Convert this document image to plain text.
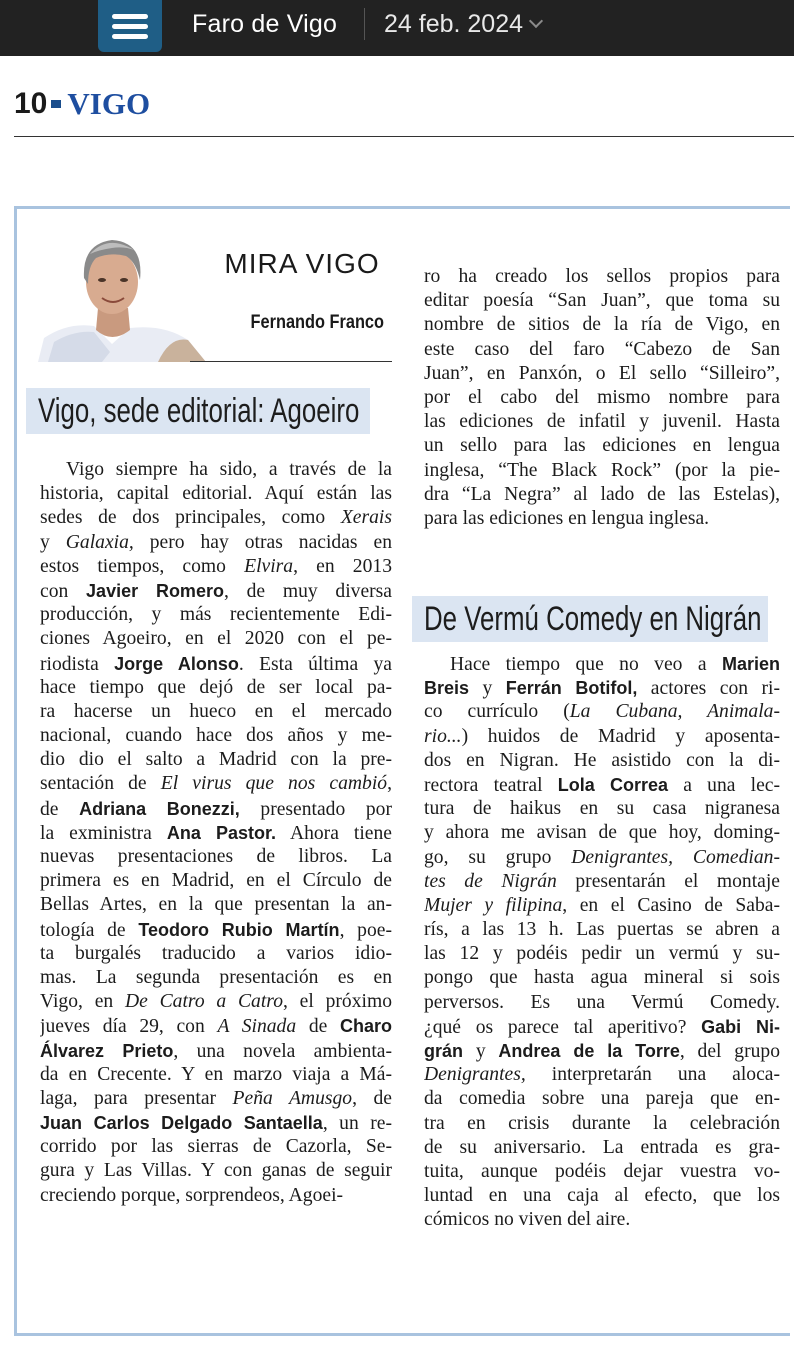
Faro de Vigo 24 feb. 2024
10 VIGO
MIRA VIGO
Fernando Franco
Vigo, sede editorial: Agoeiro
De Vermú Comedy en Nigrán
Vigo siempre ha sido, a través de la
historia, capital editorial. Aquí están las
sedes de dos principales, como Xerais
y Galaxia, pero hay otras nacidas en
estos tiempos, como Elvira, en 2013
con Javier Romero, de muy diversa
producción, y más recientemente Edi-
ciones Agoeiro, en el 2020 con el pe-
riodista Jorge Alonso. Esta última ya
hace tiempo que dejó de ser local pa-
ra hacerse un hueco en el mercado
nacional, cuando hace dos años y me-
dio dio el salto a Madrid con la pre-
sentación de El virus que nos cambió,
de Adriana Bonezzi, presentado por
la exministra Ana Pastor. Ahora tiene
nuevas presentaciones de libros. La
primera es en Madrid, en el Círculo de
Bellas Artes, en la que presentan la an-
tología de Teodoro Rubio Martín, poe-
ta burgalés traducido a varios idio-
mas. La segunda presentación es en
Vigo, en De Catro a Catro, el próximo
jueves día 29, con A Sinada de Charo
Álvarez Prieto, una novela ambienta-
da en Crecente. Y en marzo viaja a Má-
laga, para presentar Peña Amusgo, de
Juan Carlos Delgado Santaella, un re-
corrido por las sierras de Cazorla, Se-
gura y Las Villas. Y con ganas de seguir
creciendo porque, sorprendeos, Agoei-
ro ha creado los sellos propios para
editar poesía “San Juan”, que toma su
nombre de sitios de la ría de Vigo, en
este caso del faro “Cabezo de San
Juan”, en Panxón, o El sello “Silleiro”,
por el cabo del mismo nombre para
las ediciones de infatil y juvenil. Hasta
un sello para las ediciones en lengua
inglesa, “The Black Rock” (por la pie-
dra “La Negra” al lado de las Estelas),
para las ediciones en lengua inglesa.
Hace tiempo que no veo a Marien
Breis y Ferrán Botifol, actores con ri-
co currículo (La Cubana, Animala-
rio...) huidos de Madrid y aposenta-
dos en Nigran. He asistido con la di-
rectora teatral Lola Correa a una lec-
tura de haikus en su casa nigranesa
y ahora me avisan de que hoy, doming-
go, su grupo Denigrantes, Comedian-
tes de Nigrán presentarán el montaje
Mujer y filipina, en el Casino de Saba-
rís, a las 13 h. Las puertas se abren a
las 12 y podéis pedir un vermú y su-
pongo que hasta agua mineral si sois
perversos. Es una Vermú Comedy.
¿qué os parece tal aperitivo? Gabi Ni-
grán y Andrea de la Torre, del grupo
Denigrantes, interpretarán una aloca-
da comedia sobre una pareja que en-
tra en crisis durante la celebración
de su aniversario. La entrada es gra-
tuita, aunque podéis dejar vuestra vo-
luntad en una caja al efecto, que los
cómicos no viven del aire.
